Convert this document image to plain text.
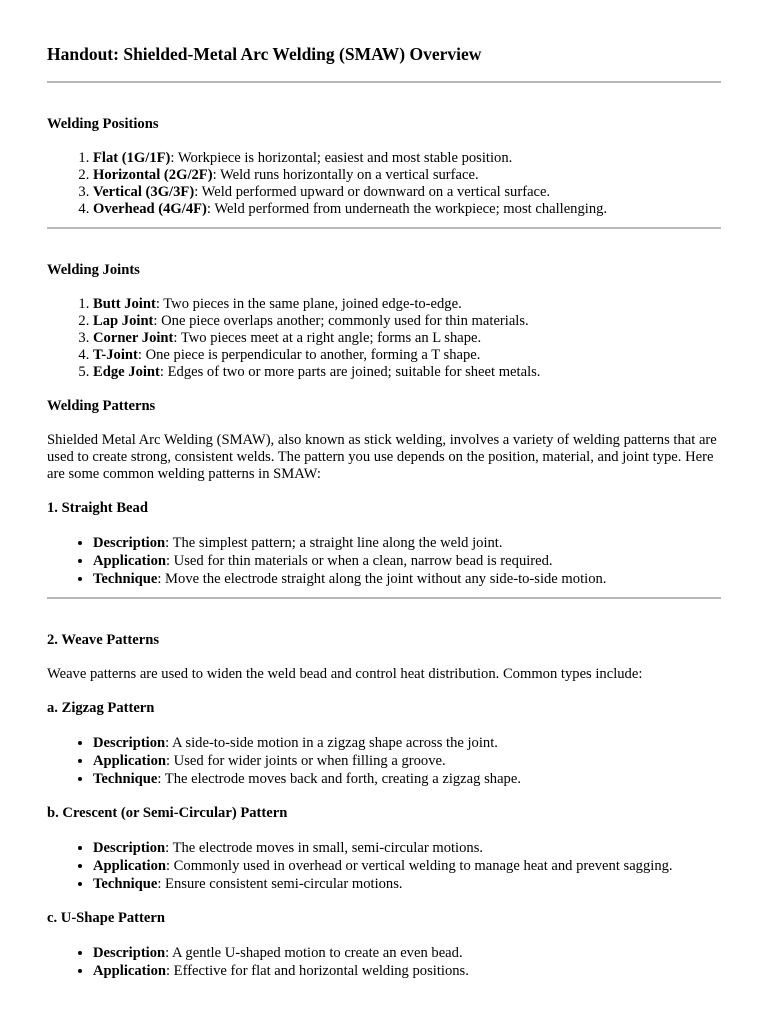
Handout: Shielded-Metal Arc Welding (SMAW) Overview
Welding Positions
1. Flat (1G/1F): Workpiece is horizontal; easiest and most stable position.
2. Horizontal (2G/2F): Weld runs horizontally on a vertical surface.
3. Vertical (3G/3F): Weld performed upward or downward on a vertical surface.
4. Overhead (4G/4F): Weld performed from underneath the workpiece; most challenging.
Welding Joints
1. Butt Joint: Two pieces in the same plane, joined edge-to-edge.
2. Lap Joint: One piece overlaps another; commonly used for thin materials.
3. Corner Joint: Two pieces meet at a right angle; forms an L shape.
4. T-Joint: One piece is perpendicular to another, forming a T shape.
5. Edge Joint: Edges of two or more parts are joined; suitable for sheet metals.
Welding Patterns

Shielded Metal Arc Welding (SMAW), also known as stick welding, involves a variety of welding patterns that are used to create strong, consistent welds. The pattern you use depends on the position, material, and joint type. Here are some common welding patterns in SMAW:

1. Straight Bead
• Description: The simplest pattern; a straight line along the weld joint.
• Application: Used for thin materials or when a clean, narrow bead is required.
• Technique: Move the electrode straight along the joint without any side-to-side motion.
2. Weave Patterns

Weave patterns are used to widen the weld bead and control heat distribution. Common types include:

a. Zigzag Pattern
• Description: A side-to-side motion in a zigzag shape across the joint.
• Application: Used for wider joints or when filling a groove.
• Technique: The electrode moves back and forth, creating a zigzag shape.
b. Crescent (or Semi-Circular) Pattern
• Description: The electrode moves in small, semi-circular motions.
• Application: Commonly used in overhead or vertical welding to manage heat and prevent sagging.
• Technique: Ensure consistent semi-circular motions.
c. U-Shape Pattern
• Description: A gentle U-shaped motion to create an even bead.
• Application: Effective for flat and horizontal welding positions.
